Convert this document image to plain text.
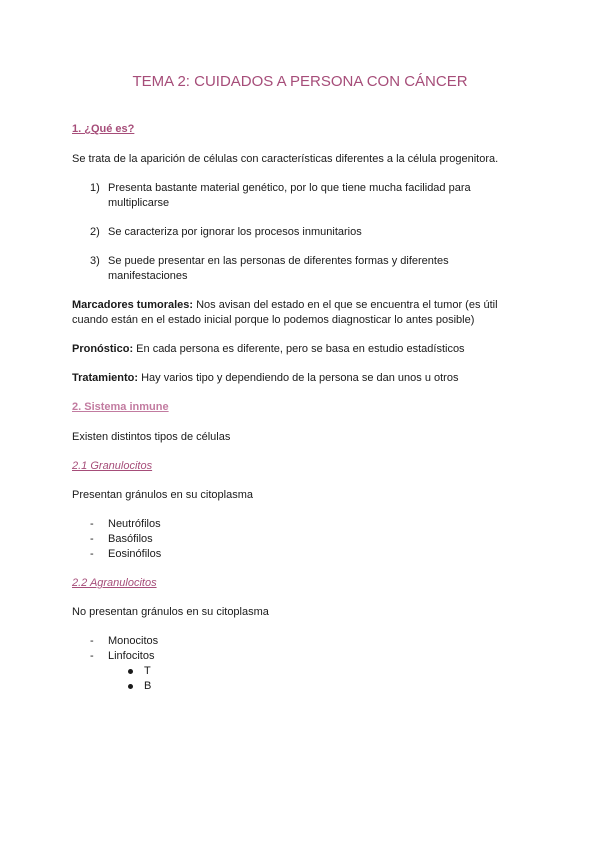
TEMA 2: CUIDADOS A PERSONA CON CÁNCER
1. ¿Qué es?
Se trata de la aparición de células con características diferentes a la célula progenitora.
1) Presenta bastante material genético, por lo que tiene mucha facilidad para multiplicarse
2) Se caracteriza por ignorar los procesos inmunitarios
3) Se puede presentar en las personas de diferentes formas y diferentes manifestaciones
Marcadores tumorales: Nos avisan del estado en el que se encuentra el tumor (es útil cuando están en el estado inicial porque lo podemos diagnosticar lo antes posible)
Pronóstico: En cada persona es diferente, pero se basa en estudio estadísticos
Tratamiento: Hay varios tipo y dependiendo de la persona se dan unos u otros
2. Sistema inmune
Existen distintos tipos de células
2.1 Granulocitos
Presentan gránulos en su citoplasma
- Neutrófilos
- Basófilos
- Eosinófilos
2.2 Agranulocitos
No presentan gránulos en su citoplasma
- Monocitos
- Linfocitos
T
B
